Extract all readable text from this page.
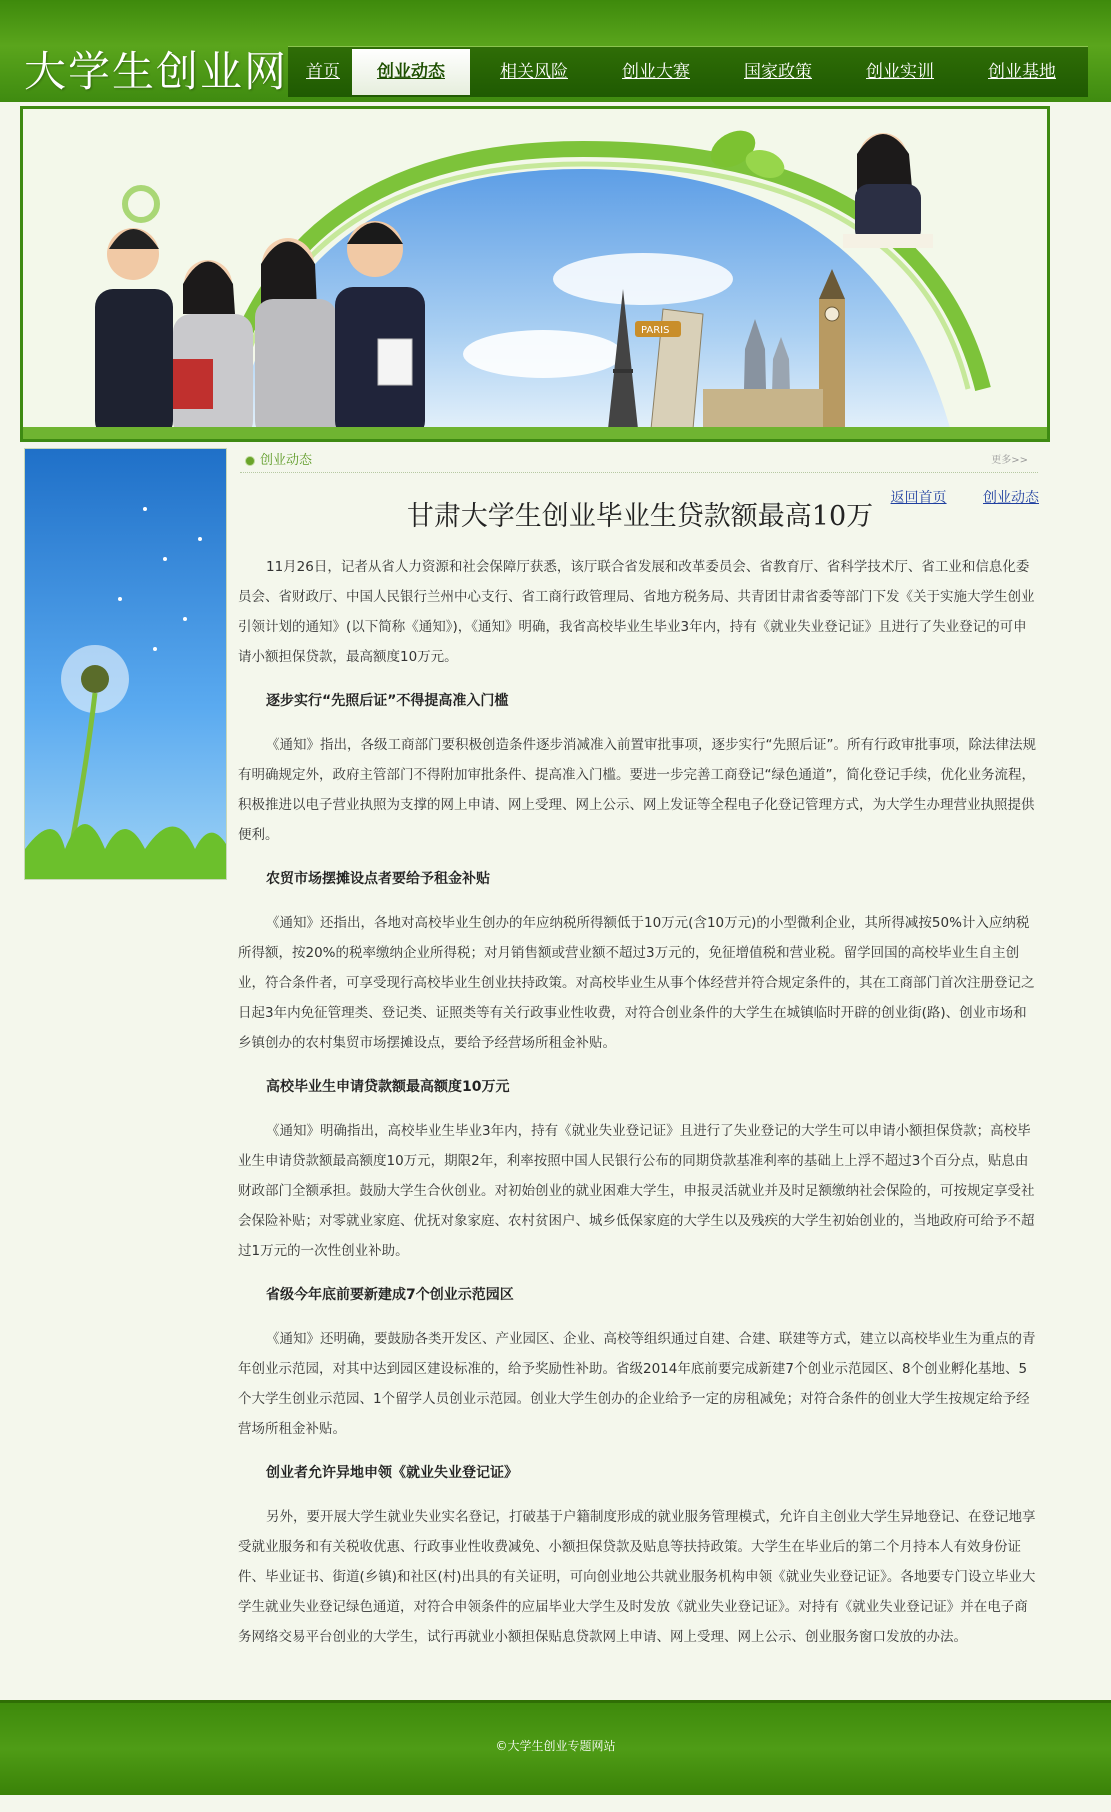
大学生创业网	首页	创业动态	相关风险	创业大赛	国家政策	创业实训	创业基地
PARIS
创业动态	更多>>
返回首页	创业动态
甘肃大学生创业毕业生贷款额最高10万

11月26日，记者从省人力资源和社会保障厅获悉，该厅联合省发展和改革委员会、省教育厅、省科学技术厅、省工业和信息化委员会、省财政厅、中国人民银行兰州中心支行、省工商行政管理局、省地方税务局、共青团甘肃省委等部门下发《关于实施大学生创业引领计划的通知》(以下简称《通知》)，《通知》明确，我省高校毕业生毕业3年内，持有《就业失业登记证》且进行了失业登记的可申请小额担保贷款，最高额度10万元。

逐步实行“先照后证”不得提高准入门槛

《通知》指出，各级工商部门要积极创造条件逐步消减准入前置审批事项，逐步实行“先照后证”。所有行政审批事项，除法律法规有明确规定外，政府主管部门不得附加审批条件、提高准入门槛。要进一步完善工商登记“绿色通道”，简化登记手续，优化业务流程，积极推进以电子营业执照为支撑的网上申请、网上受理、网上公示、网上发证等全程电子化登记管理方式，为大学生办理营业执照提供便利。

农贸市场摆摊设点者要给予租金补贴

《通知》还指出，各地对高校毕业生创办的年应纳税所得额低于10万元(含10万元)的小型微利企业，其所得减按50%计入应纳税所得额，按20%的税率缴纳企业所得税；对月销售额或营业额不超过3万元的，免征增值税和营业税。留学回国的高校毕业生自主创业，符合条件者，可享受现行高校毕业生创业扶持政策。对高校毕业生从事个体经营并符合规定条件的，其在工商部门首次注册登记之日起3年内免征管理类、登记类、证照类等有关行政事业性收费，对符合创业条件的大学生在城镇临时开辟的创业街(路)、创业市场和乡镇创办的农村集贸市场摆摊设点，要给予经营场所租金补贴。

高校毕业生申请贷款额最高额度10万元

《通知》明确指出，高校毕业生毕业3年内，持有《就业失业登记证》且进行了失业登记的大学生可以申请小额担保贷款；高校毕业生申请贷款额最高额度10万元，期限2年，利率按照中国人民银行公布的同期贷款基准利率的基础上上浮不超过3个百分点，贴息由财政部门全额承担。鼓励大学生合伙创业。对初始创业的就业困难大学生，申报灵活就业并及时足额缴纳社会保险的，可按规定享受社会保险补贴；对零就业家庭、优抚对象家庭、农村贫困户、城乡低保家庭的大学生以及残疾的大学生初始创业的，当地政府可给予不超过1万元的一次性创业补助。

省级今年底前要新建成7个创业示范园区

《通知》还明确，要鼓励各类开发区、产业园区、企业、高校等组织通过自建、合建、联建等方式，建立以高校毕业生为重点的青年创业示范园，对其中达到园区建设标准的，给予奖励性补助。省级2014年底前要完成新建7个创业示范园区、8个创业孵化基地、5个大学生创业示范园、1个留学人员创业示范园。创业大学生创办的企业给予一定的房租减免；对符合条件的创业大学生按规定给予经营场所租金补贴。

创业者允许异地申领《就业失业登记证》

另外，要开展大学生就业失业实名登记，打破基于户籍制度形成的就业服务管理模式，允许自主创业大学生异地登记、在登记地享受就业服务和有关税收优惠、行政事业性收费减免、小额担保贷款及贴息等扶持政策。大学生在毕业后的第二个月持本人有效身份证件、毕业证书、街道(乡镇)和社区(村)出具的有关证明，可向创业地公共就业服务机构申领《就业失业登记证》。各地要专门设立毕业大学生就业失业登记绿色通道，对符合申领条件的应届毕业大学生及时发放《就业失业登记证》。对持有《就业失业登记证》并在电子商务网络交易平台创业的大学生，试行再就业小额担保贴息贷款网上申请、网上受理、网上公示、创业服务窗口发放的办法。

©大学生创业专题网站
